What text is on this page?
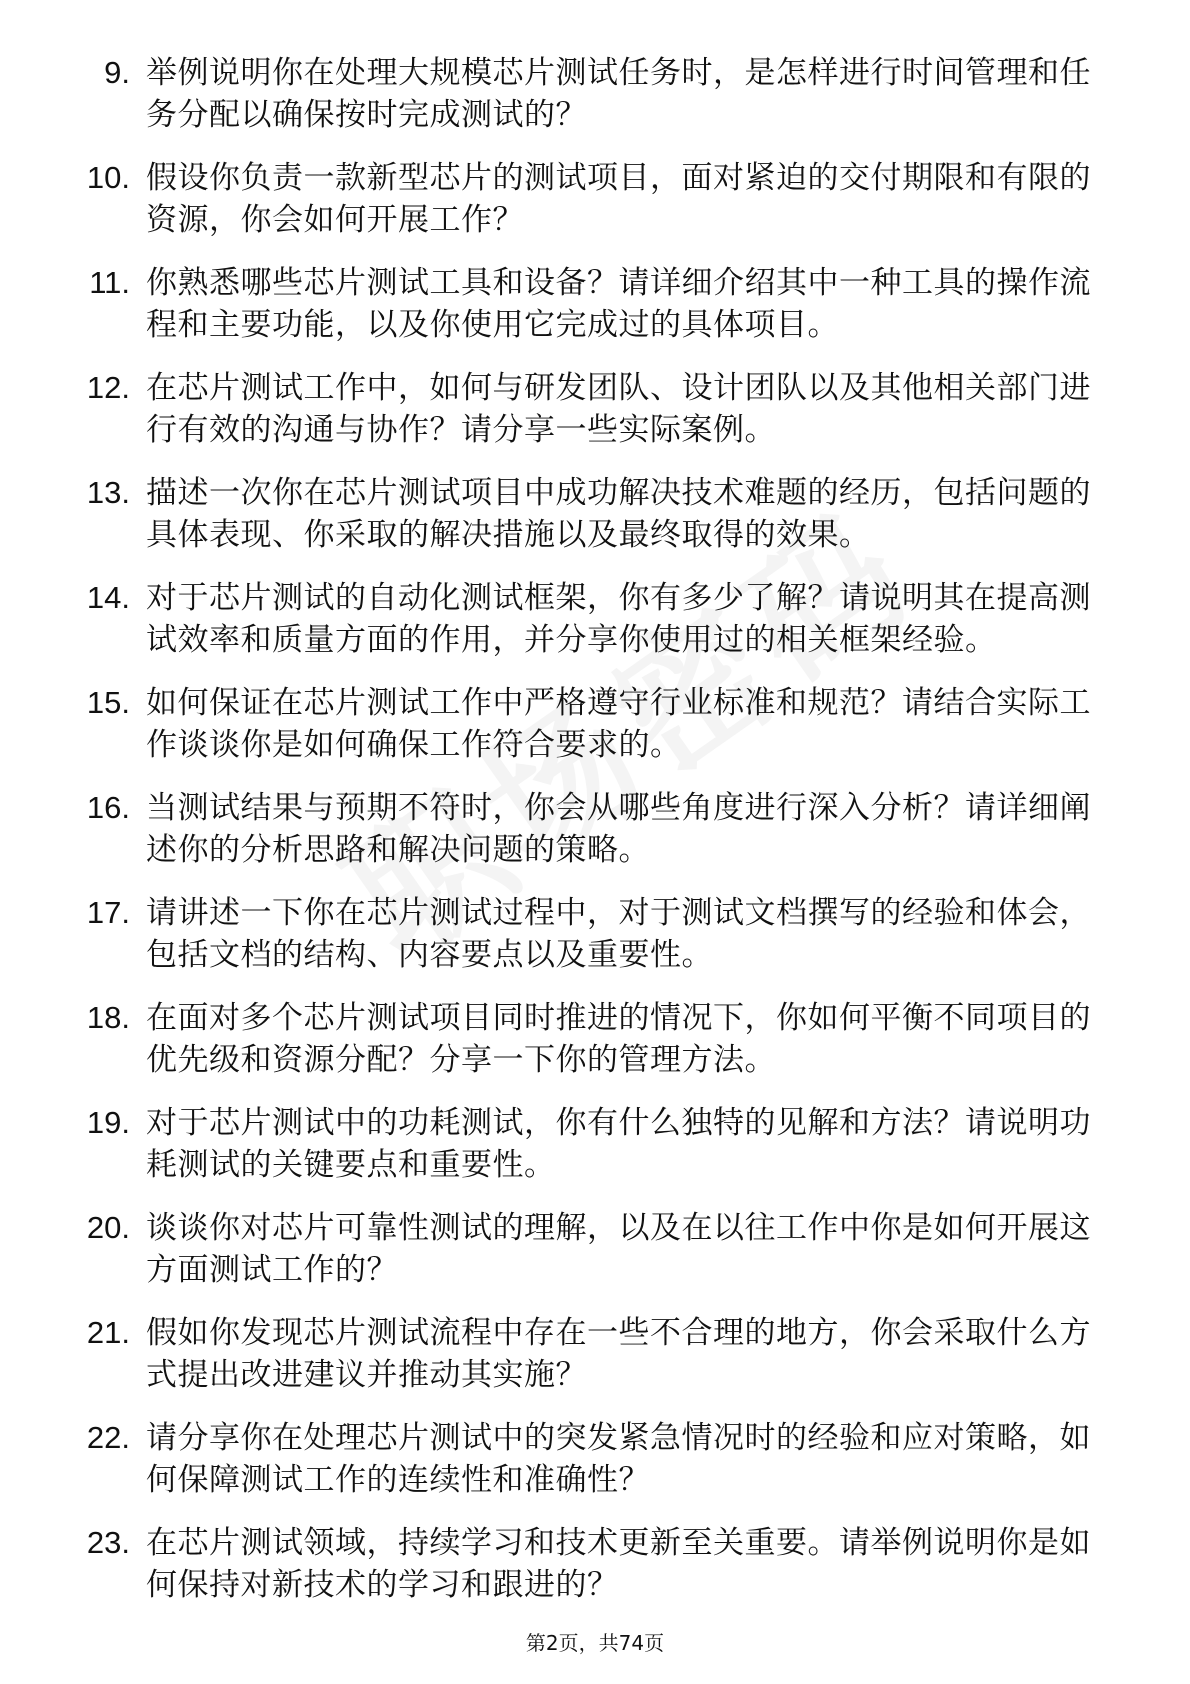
9. 举例说明你在处理大规模芯片测试任务时，是怎样进行时间管理和任务分配以确保按时完成测试的？
10. 假设你负责一款新型芯片的测试项目，面对紧迫的交付期限和有限的资源，你会如何开展工作？
11. 你熟悉哪些芯片测试工具和设备？请详细介绍其中一种工具的操作流程和主要功能，以及你使用它完成过的具体项目。
12. 在芯片测试工作中，如何与研发团队、设计团队以及其他相关部门进行有效的沟通与协作？请分享一些实际案例。
13. 描述一次你在芯片测试项目中成功解决技术难题的经历，包括问题的具体表现、你采取的解决措施以及最终取得的效果。
14. 对于芯片测试的自动化测试框架，你有多少了解？请说明其在提高测试效率和质量方面的作用，并分享你使用过的相关框架经验。
15. 如何保证在芯片测试工作中严格遵守行业标准和规范？请结合实际工作谈谈你是如何确保工作符合要求的。
16. 当测试结果与预期不符时，你会从哪些角度进行深入分析？请详细阐述你的分析思路和解决问题的策略。
17. 请讲述一下你在芯片测试过程中，对于测试文档撰写的经验和体会，包括文档的结构、内容要点以及重要性。
18. 在面对多个芯片测试项目同时推进的情况下，你如何平衡不同项目的优先级和资源分配？分享一下你的管理方法。
19. 对于芯片测试中的功耗测试，你有什么独特的见解和方法？请说明功耗测试的关键要点和重要性。
20. 谈谈你对芯片可靠性测试的理解，以及在以往工作中你是如何开展这方面测试工作的？
21. 假如你发现芯片测试流程中存在一些不合理的地方，你会采取什么方式提出改进建议并推动其实施？
22. 请分享你在处理芯片测试中的突发紧急情况时的经验和应对策略，如何保障测试工作的连续性和准确性？
23. 在芯片测试领域，持续学习和技术更新至关重要。请举例说明你是如何保持对新技术的学习和跟进的？
第2页，共74页
